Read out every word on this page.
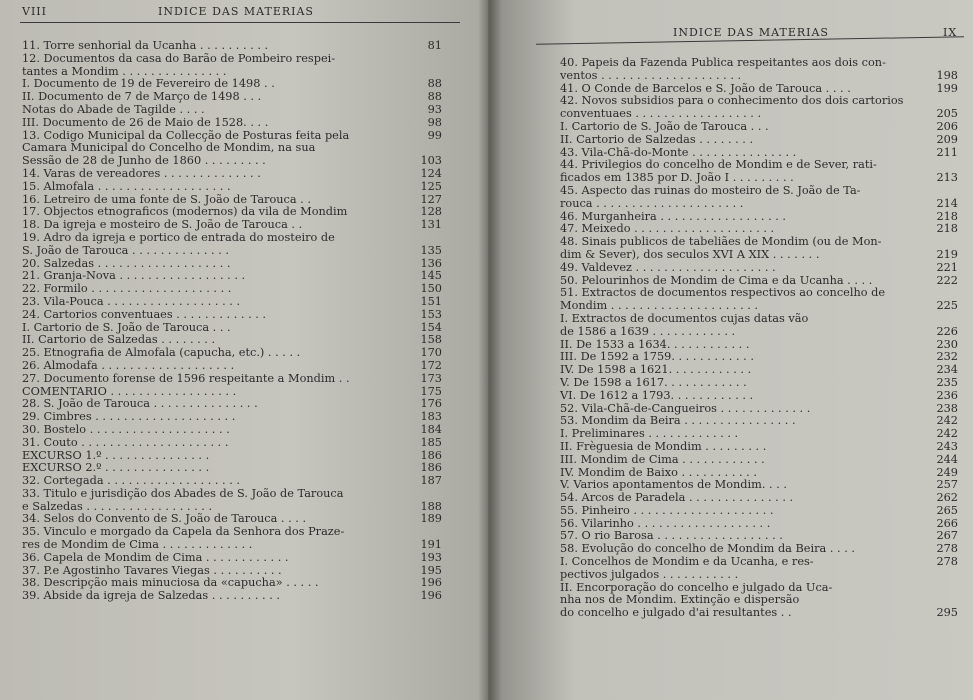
VIII	INDICE DAS MATERIAS
11. Torre senhorial da Ucanha . . . . . . . . . .	81
12. Documentos da casa do Barão de Pombeiro respei-
tantes a Mondim . . . . . . . . . . . . . . .
I. Documento de 19 de Fevereiro de 1498 . .	88
II. Documento de 7 de Março de 1498 . . .	88
Notas do Abade de Tagilde . . . .	93
III. Documento de 26 de Maio de 1528. . . .	98
13. Codigo Municipal da Collecção de Posturas feita pela	99
Camara Municipal do Concelho de Mondim, na sua
Sessão de 28 de Junho de 1860 . . . . . . . . .	103
14. Varas de vereadores . . . . . . . . . . . . . .	124
15. Almofala . . . . . . . . . . . . . . . . . . .	125
16. Letreiro de uma fonte de S. João de Tarouca . .	127
17. Objectos etnograficos (modernos) da vila de Mondim	128
18. Da igreja e mosteiro de S. João de Tarouca . .	131
19. Adro da igreja e portico de entrada do mosteiro de
S. João de Tarouca . . . . . . . . . . . . . .	135
20. Salzedas . . . . . . . . . . . . . . . . . . .	136
21. Granja-Nova . . . . . . . . . . . . . . . . . .	145
22. Formilo . . . . . . . . . . . . . . . . . . . .	150
23. Vila-Pouca . . . . . . . . . . . . . . . . . . .	151
24. Cartorios conventuaes . . . . . . . . . . . . .	153
I. Cartorio de S. João de Tarouca . . .	154
II. Cartorio de Salzedas . . . . . . . .	158
25. Etnografia de Almofala (capucha, etc.) . . . . .	170
26. Almodafa . . . . . . . . . . . . . . . . . . .	172
27. Documento forense de 1596 respeitante a Mondim . .	173
COMENTARIO . . . . . . . . . . . . . . . . . .	175
28. S. João de Tarouca . . . . . . . . . . . . . . .	176
29. Cimbres . . . . . . . . . . . . . . . . . . . .	183
30. Bostelo . . . . . . . . . . . . . . . . . . . .	184
31. Couto . . . . . . . . . . . . . . . . . . . . .	185
EXCURSO 1.º . . . . . . . . . . . . . . .	186
EXCURSO 2.º . . . . . . . . . . . . . . .	186
32. Cortegada . . . . . . . . . . . . . . . . . . .	187
33. Titulo e jurisdição dos Abades de S. João de Tarouca
e Salzedas . . . . . . . . . . . . . . . . . .	188
34. Selos do Convento de S. João de Tarouca . . . .	189
35. Vinculo e morgado da Capela da Senhora dos Praze-
res de Mondim de Cima . . . . . . . . . . . . .	191
36. Capela de Mondim de Cima . . . . . . . . . . . .	193
37. P.e Agostinho Tavares Viegas . . . . . . . . . .	195
38. Descripção mais minuciosa da «capucha» . . . . .	196
39. Abside da igreja de Salzedas . . . . . . . . . .	196
INDICE DAS MATERIAS	IX
40. Papeis da Fazenda Publica respeitantes aos dois con-
ventos . . . . . . . . . . . . . . . . . . . .	198
41. O Conde de Barcelos e S. João de Tarouca . . . .	199
42. Novos subsidios para o conhecimento dos dois cartorios
conventuaes . . . . . . . . . . . . . . . . . .	205
I. Cartorio de S. João de Tarouca . . .	206
II. Cartorio de Salzedas . . . . . . . .	209
43. Vila-Chã-do-Monte . . . . . . . . . . . . . . .	211
44. Privilegios do concelho de Mondim e de Sever, rati-
ficados em 1385 por D. João I . . . . . . . . .	213
45. Aspecto das ruinas do mosteiro de S. João de Ta-
rouca . . . . . . . . . . . . . . . . . . . . .	214
46. Murganheira . . . . . . . . . . . . . . . . . .	218
47. Meixedo . . . . . . . . . . . . . . . . . . . .	218
48. Sinais publicos de tabeliães de Mondim (ou de Mon-
dim & Sever), dos seculos XVI A XIX . . . . . . .	219
49. Valdevez . . . . . . . . . . . . . . . . . . . .	221
50. Pelourinhos de Mondim de Cima e da Ucanha . . . .	222
51. Extractos de documentos respectivos ao concelho de
Mondim . . . . . . . . . . . . . . . . . . . . .	225
I. Extractos de documentos cujas datas vão
de 1586 a 1639 . . . . . . . . . . . .	226
II. De 1533 a 1634. . . . . . . . . . . .	230
III. De 1592 a 1759. . . . . . . . . . . .	232
IV. De 1598 a 1621. . . . . . . . . . . .	234
V. De 1598 a 1617. . . . . . . . . . . .	235
VI. De 1612 a 1793. . . . . . . . . . . .	236
52. Vila-Chã-de-Cangueiros . . . . . . . . . . . . .	238
53. Mondim da Beira . . . . . . . . . . . . . . . .	242
I. Preliminares . . . . . . . . . . . . .	242
II. Frèguesia de Mondim . . . . . . . . .	243
III. Mondim de Cima . . . . . . . . . . . .	244
IV. Mondim de Baixo . . . . . . . . . . .	249
V. Varios apontamentos de Mondim. . . .	257
54. Arcos de Paradela . . . . . . . . . . . . . . .	262
55. Pinheiro . . . . . . . . . . . . . . . . . . . .	265
56. Vilarinho . . . . . . . . . . . . . . . . . . .	266
57. O rio Barosa . . . . . . . . . . . . . . . . . .	267
58. Evolução do concelho de Mondim da Beira . . . .	278
I. Concelhos de Mondim e da Ucanha, e res-	278
pectivos julgados . . . . . . . . . . .
II. Encorporação do concelho e julgado da Uca-
nha nos de Mondim. Extinção e dispersão
do concelho e julgado d'ai resultantes . .	295
